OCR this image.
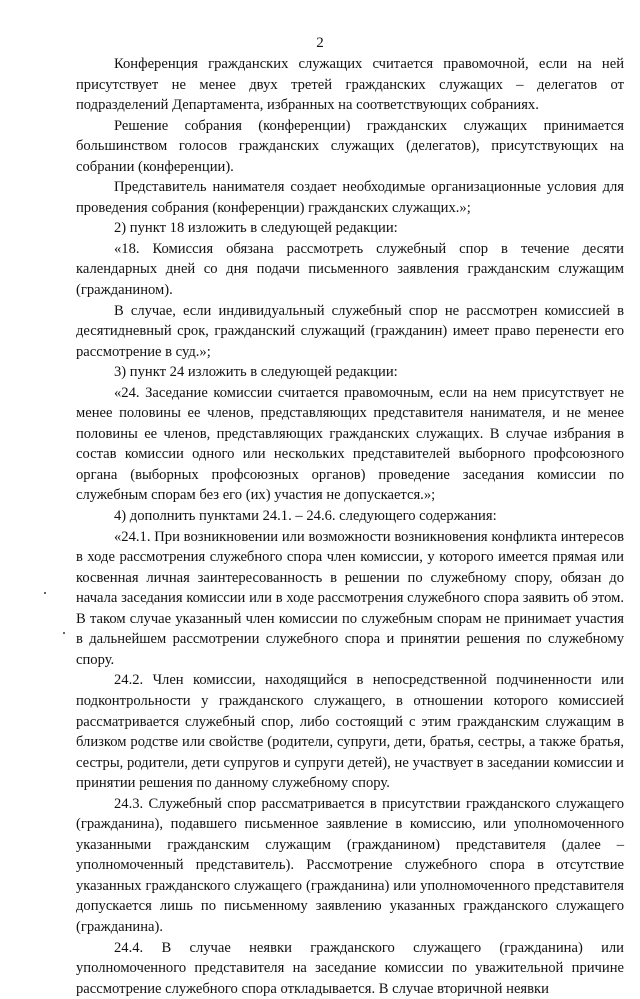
2

Конференция гражданских служащих считается правомочной, если на ней присутствует не менее двух третей гражданских служащих – делегатов от подразделений Департамента, избранных на соответствующих собраниях.

Решение собрания (конференции) гражданских служащих принимается большинством голосов гражданских служащих (делегатов), присутствующих на собрании (конференции).

Представитель нанимателя создает необходимые организационные условия для проведения собрания (конференции) гражданских служащих.»;

2) пункт 18 изложить в следующей редакции:

«18. Комиссия обязана рассмотреть служебный спор в течение десяти календарных дней со дня подачи письменного заявления гражданским служащим (гражданином).

В случае, если индивидуальный служебный спор не рассмотрен комиссией в десятидневный срок, гражданский служащий (гражданин) имеет право перенести его рассмотрение в суд.»;

3) пункт 24 изложить в следующей редакции:

«24. Заседание комиссии считается правомочным, если на нем присутствует не менее половины ее членов, представляющих представителя нанимателя, и не менее половины ее членов, представляющих гражданских служащих. В случае избрания в состав комиссии одного или нескольких представителей выборного профсоюзного органа (выборных профсоюзных органов) проведение заседания комиссии по служебным спорам без его (их) участия не допускается.»;

4) дополнить пунктами 24.1. – 24.6. следующего содержания:

«24.1. При возникновении или возможности возникновения конфликта интересов в ходе рассмотрения служебного спора член комиссии, у которого имеется прямая или косвенная личная заинтересованность в решении по служебному спору, обязан до начала заседания комиссии или в ходе рассмотрения служебного спора заявить об этом. В таком случае указанный член комиссии по служебным спорам не принимает участия в дальнейшем рассмотрении служебного спора и принятии решения по служебному спору.

24.2. Член комиссии, находящийся в непосредственной подчиненности или подконтрольности у гражданского служащего, в отношении которого комиссией рассматривается служебный спор, либо состоящий с этим гражданским служащим в близком родстве или свойстве (родители, супруги, дети, братья, сестры, а также братья, сестры, родители, дети супругов и супруги детей), не участвует в заседании комиссии и принятии решения по данному служебному спору.

24.3. Служебный спор рассматривается в присутствии гражданского служащего (гражданина), подавшего письменное заявление в комиссию, или уполномоченного указанными гражданским служащим (гражданином) представителя (далее –уполномоченный представитель). Рассмотрение служебного спора в отсутствие указанных гражданского служащего (гражданина) или уполномоченного представителя допускается лишь по письменному заявлению указанных гражданского служащего (гражданина).

24.4. В случае неявки гражданского служащего (гражданина) или уполномоченного представителя на заседание комиссии по уважительной причине рассмотрение служебного спора откладывается. В случае вторичной неявки
